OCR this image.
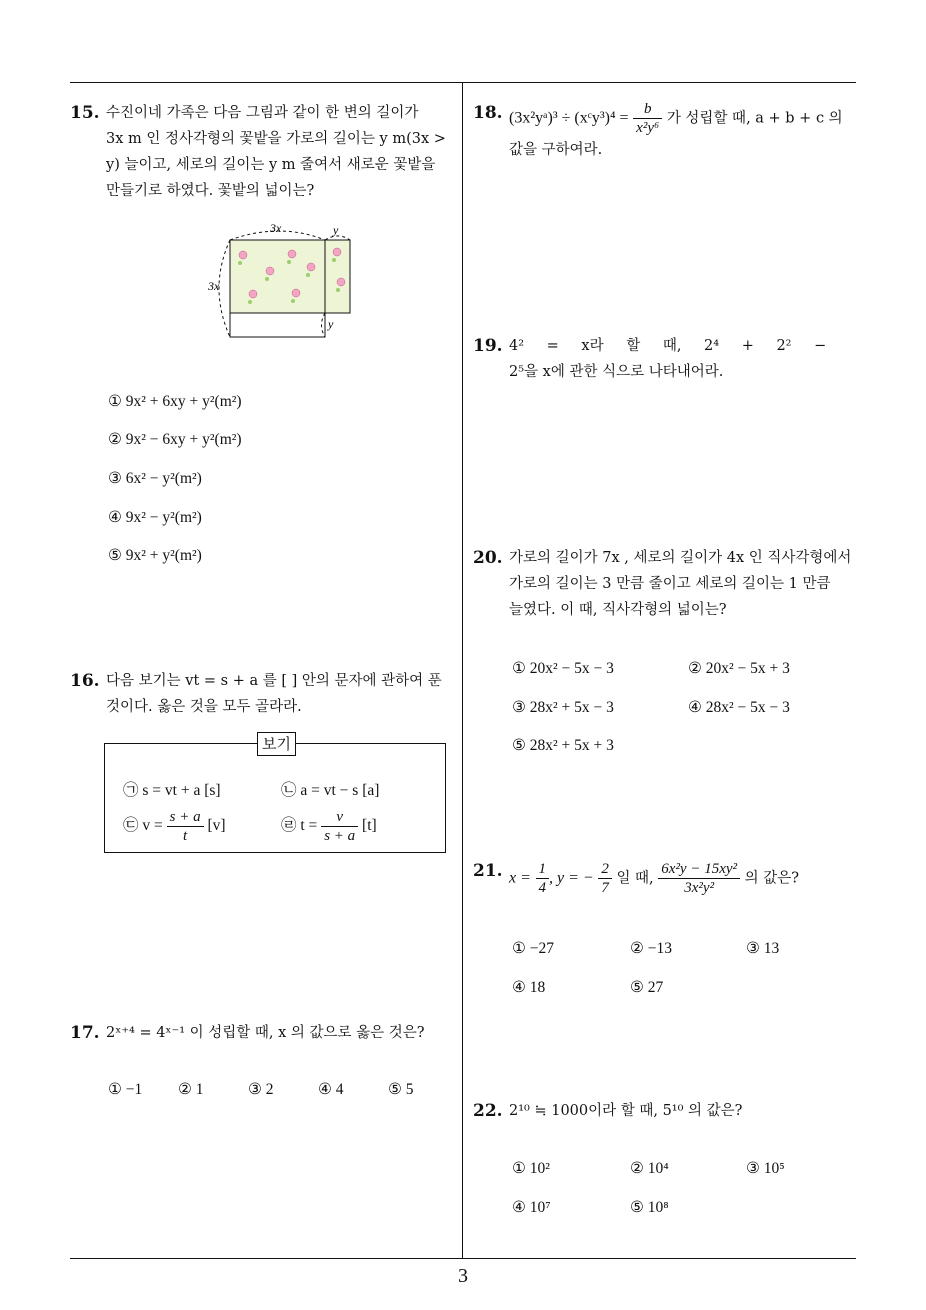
15. 수진이네 가족은 다음 그림과 같이 한 변의 길이가
3x m 인 정사각형의 꽃밭을 가로의 길이는 y m(3x >
y) 늘이고, 세로의 길이는 y m 줄여서 새로운 꽃밭을
만들기로 하였다. 꽃밭의 넓이는?
3x
3x
y
y
① 9x² + 6xy + y²(m²)
② 9x² − 6xy + y²(m²)
③ 6x² − y²(m²)
④ 9x² − y²(m²)
⑤ 9x² + y²(m²)
16. 다음 보기는 vt = s + a 를 [ ] 안의 문자에 관하여 푼
것이다. 옳은 것을 모두 골라라.
보기
㉠ s = vt + a [s]	㉡ a = vt − s [a]
㉢ $v = \frac{s + a}{t} [v]$	㉣ $t = \frac{v}{s + a} [t]$
17. 2ˣ⁺⁴ = 4ˣ⁻¹ 이 성립할 때, x 의 값으로 옳은 것은?
① −1 ② 1	③ 2	④ 4	⑤ 5
18. (3x²yᵃ)³ ÷ (xᶜy³)⁴ = $\frac{b}{\text{x²y⁶}}$ 가 성립할 때, a + b + c 의
값을 구하여라.
19. 4² = x라 할 때, 2⁴ + 2² −
2⁵을 x에 관한 식으로 나타내어라.
20. 가로의 길이가 7x , 세로의 길이가 4x 인 직사각형에서
가로의 길이는 3 만큼 줄이고 세로의 길이는 1 만큼
늘였다. 이 때, 직사각형의 넓이는?
① 20x² − 5x − 3	② 20x² − 5x + 3
③ 28x² + 5x − 3	④ 28x² − 5x − 3
⑤ 28x² + 5x + 3
21. $x = \frac{1}{4}$ , y = − $\frac{2}{7}$ 일 때, $\frac{\text{6x²y − 15xy²}}{\text{3x²y²}}$ 의 값은?
① −27	② −13	③ 13
④ 18	⑤ 27
22. 2¹⁰ ≒ 1000이라 할 때, 5¹⁰ 의 값은?
① 10²	② 10⁴	③ 10⁵
④ 10⁷	⑤ 10⁸
3
